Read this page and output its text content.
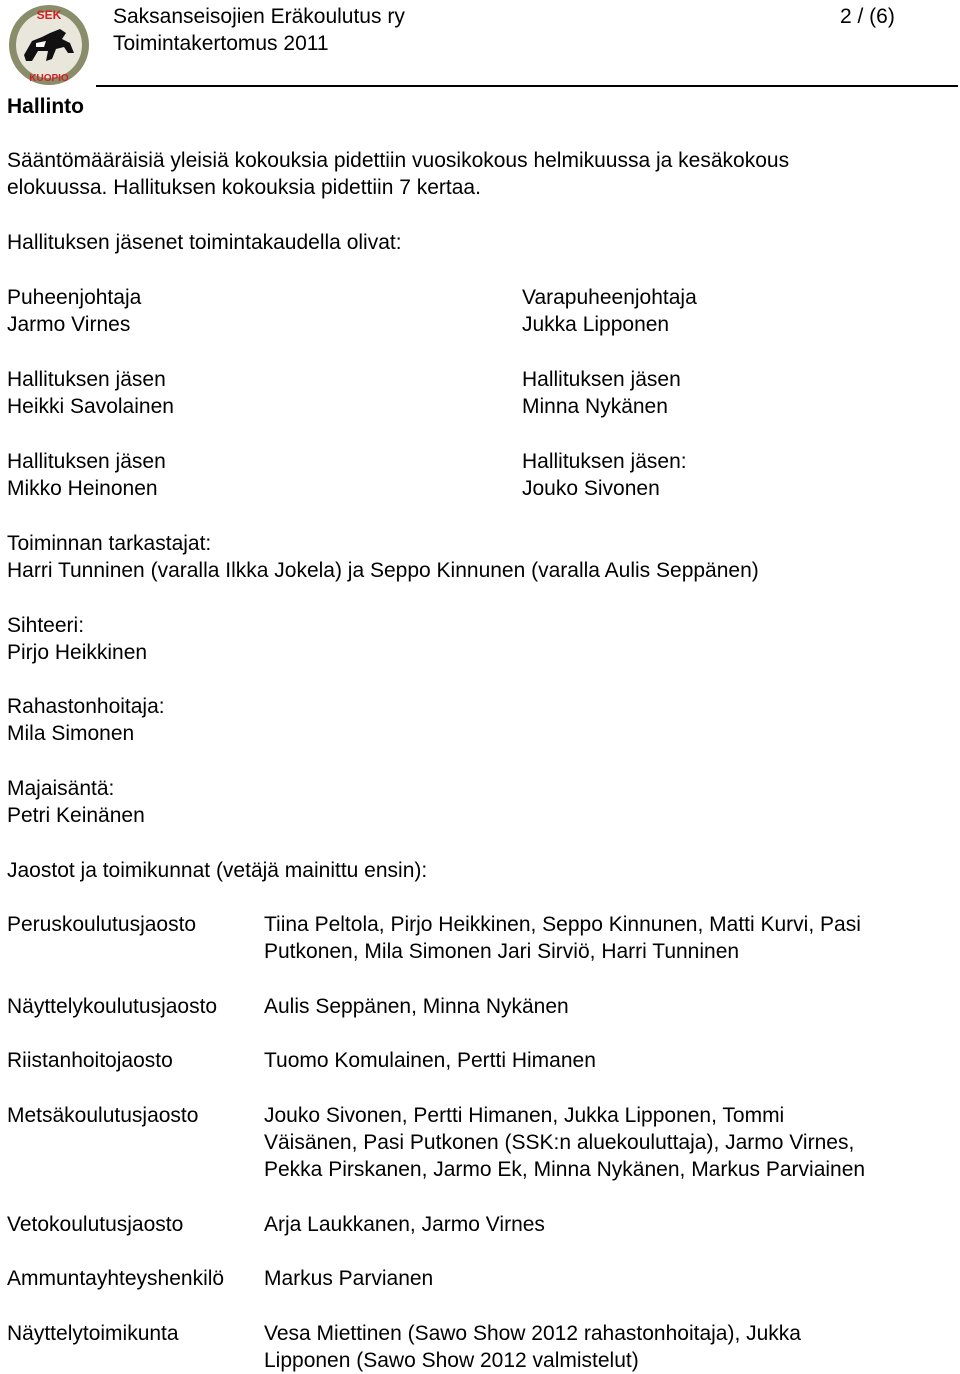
SEK
KUOPIO
Saksanseisojien Eräkoulutus ry
Toimintakertomus 2011
2 / (6)
Hallinto
Sääntömääräisiä yleisiä kokouksia pidettiin vuosikokous helmikuussa ja kesäkokous
elokuussa. Hallituksen kokouksia pidettiin 7 kertaa.
Hallituksen jäsenet toimintakaudella olivat:
Puheenjohtaja
Jarmo Virnes
Varapuheenjohtaja
Jukka Lipponen
Hallituksen jäsen
Heikki Savolainen
Hallituksen jäsen
Minna Nykänen
Hallituksen jäsen
Mikko Heinonen
Hallituksen jäsen:
Jouko Sivonen
Toiminnan tarkastajat:
Harri Tunninen (varalla Ilkka Jokela) ja Seppo Kinnunen (varalla Aulis Seppänen)
Sihteeri:
Pirjo Heikkinen
Rahastonhoitaja:
Mila Simonen
Majaisäntä:
Petri Keinänen
Jaostot ja toimikunnat (vetäjä mainittu ensin):
Peruskoulutusjaosto	Tiina Peltola, Pirjo Heikkinen, Seppo Kinnunen, Matti Kurvi, Pasi
Putkonen, Mila Simonen Jari Sirviö, Harri Tunninen
Näyttelykoulutusjaosto Aulis Seppänen, Minna Nykänen
Riistanhoitojaosto	Tuomo Komulainen, Pertti Himanen
Metsäkoulutusjaosto	Jouko Sivonen, Pertti Himanen, Jukka Lipponen, Tommi
Väisänen, Pasi Putkonen (SSK:n aluekouluttaja), Jarmo Virnes,
Pekka Pirskanen, Jarmo Ek, Minna Nykänen, Markus Parviainen
Vetokoulutusjaosto	Arja Laukkanen, Jarmo Virnes
Ammuntayhteyshenkilö Markus Parvianen
Näyttelytoimikunta	Vesa Miettinen (Sawo Show 2012 rahastonhoitaja), Jukka
Lipponen (Sawo Show 2012 valmistelut)
